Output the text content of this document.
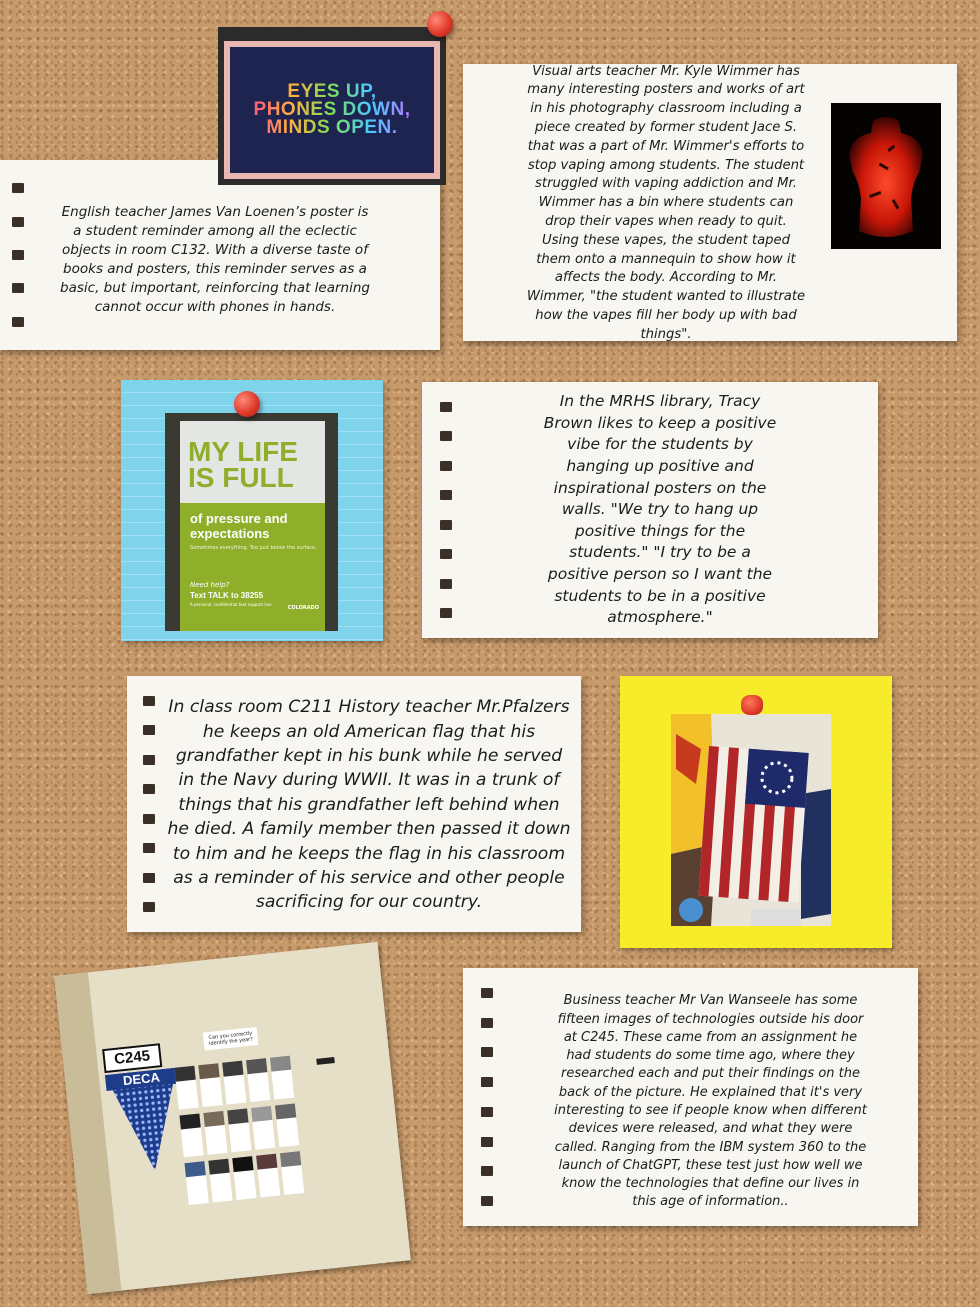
English teacher James Van Loenen’s poster is a student reminder among all the eclectic objects in room C132. With a diverse taste of books and posters, this reminder serves as a basic, but important, reinforcing that learning cannot occur with phones in hands.

EYES UP,
PHONES DOWN,
MINDS OPEN.

Visual arts teacher Mr. Kyle Wimmer has many interesting posters and works of art in his photography classroom including a piece created by former student Jace S. that was a part of Mr. Wimmer's efforts to stop vaping among students. The student struggled with vaping addiction and Mr. Wimmer has a bin where students can drop their vapes when ready to quit. Using these vapes, the student taped them onto a mannequin to show how it affects the body. According to Mr. Wimmer, "the student wanted to illustrate how the vapes fill her body up with bad things".

MY LIFE IS FULL
of pressure and expectations
Sometimes everything. Too just below the surface.
Need help?
Text TALK to 38255
A personal, confidential text support line.
COLORADO

In the MRHS library, Tracy Brown likes to keep a positive vibe for the students by hanging up positive and inspirational posters on the walls. "We try to hang up positive things for the students." "I try to be a positive person so I want the students to be in a positive atmosphere."

In class room C211 History teacher Mr.Pfalzers he keeps an old American flag that his grandfather kept in his bunk while he served in the Navy during WWII. It was in a trunk of things that his grandfather left behind when he died. A family member then passed it down to him and he keeps the flag in his classroom as a reminder of his service and other people sacrificing for our country.

C245
DECA
Can you correctly identify the year?

Business teacher Mr Van Wanseele has some fifteen images of technologies outside his door at C245. These came from an assignment he had students do some time ago, where they researched each and put their findings on the back of the picture. He explained that it's very interesting to see if people know when different devices were released, and what they were called. Ranging from the IBM system 360 to the launch of ChatGPT, these test just how well we know the technologies that define our lives in this age of information..
